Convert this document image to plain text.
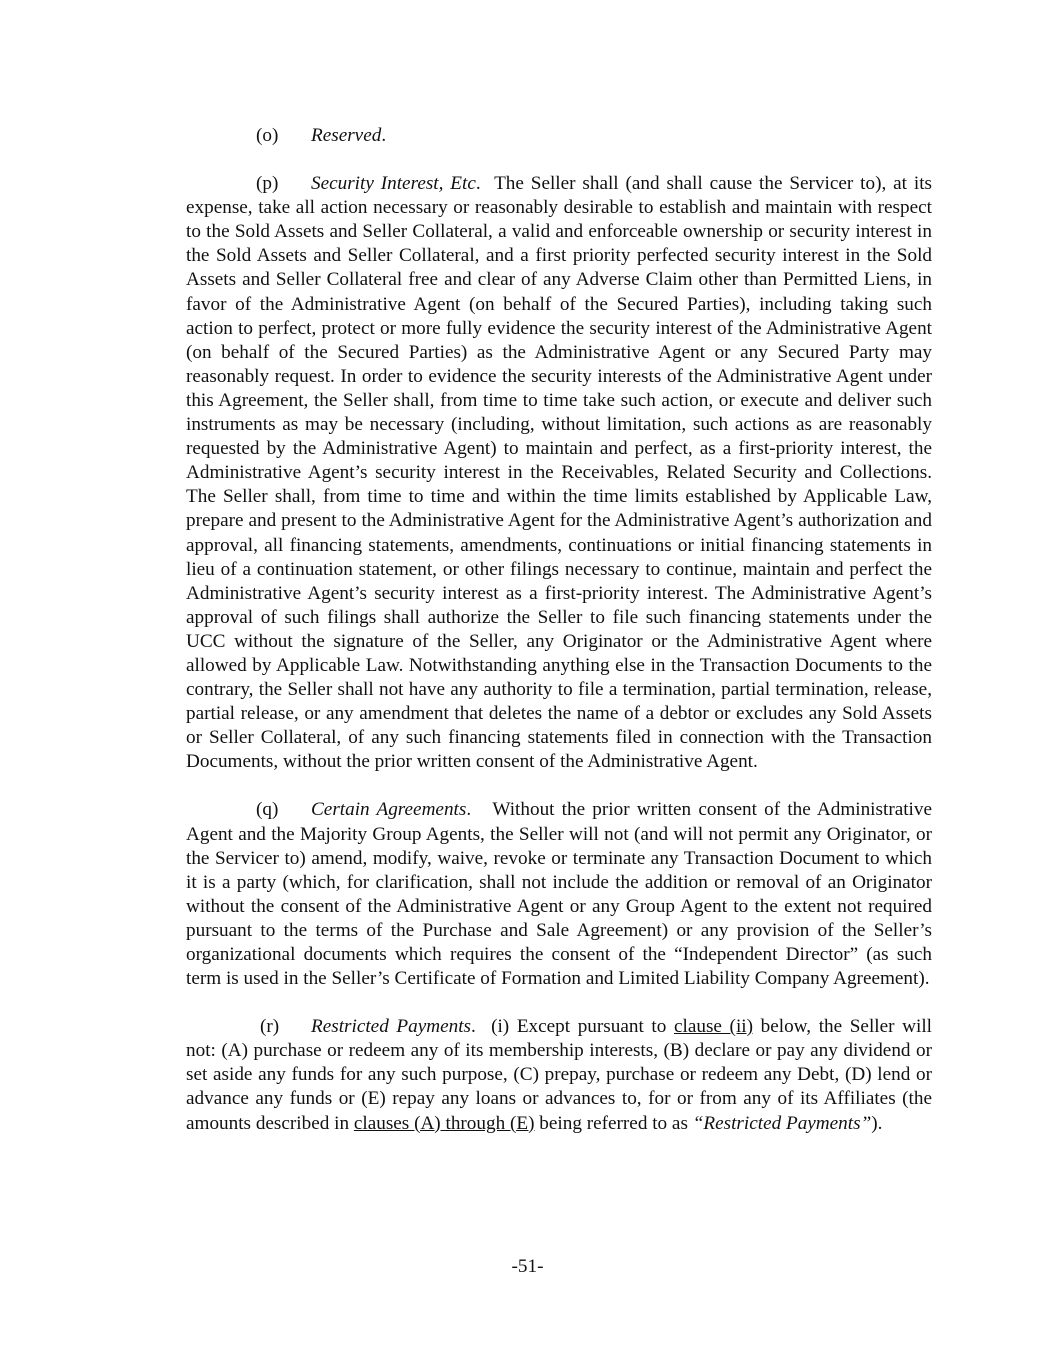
(o) Reserved.

(p) Security Interest, Etc. The Seller shall (and shall cause the Servicer to), at its expense, take all action necessary or reasonably desirable to establish and maintain with respect to the Sold Assets and Seller Collateral, a valid and enforceable ownership or security interest in the Sold Assets and Seller Collateral, and a first priority perfected security interest in the Sold Assets and Seller Collateral free and clear of any Adverse Claim other than Permitted Liens, in favor of the Administrative Agent (on behalf of the Secured Parties), including taking such action to perfect, protect or more fully evidence the security interest of the Administrative Agent (on behalf of the Secured Parties) as the Administrative Agent or any Secured Party may reasonably request. In order to evidence the security interests of the Administrative Agent under this Agreement, the Seller shall, from time to time take such action, or execute and deliver such instruments as may be necessary (including, without limitation, such actions as are reasonably requested by the Administrative Agent) to maintain and perfect, as a first-priority interest, the Administrative Agent’s security interest in the Receivables, Related Security and Collections. The Seller shall, from time to time and within the time limits established by Applicable Law, prepare and present to the Administrative Agent for the Administrative Agent’s authorization and approval, all financing statements, amendments, continuations or initial financing statements in lieu of a continuation statement, or other filings necessary to continue, maintain and perfect the Administrative Agent’s security interest as a first-priority interest. The Administrative Agent’s approval of such filings shall authorize the Seller to file such financing statements under the UCC without the signature of the Seller, any Originator or the Administrative Agent where allowed by Applicable Law. Notwithstanding anything else in the Transaction Documents to the contrary, the Seller shall not have any authority to file a termination, partial termination, release, partial release, or any amendment that deletes the name of a debtor or excludes any Sold Assets or Seller Collateral, of any such financing statements filed in connection with the Transaction Documents, without the prior written consent of the Administrative Agent.

(q) Certain Agreements. Without the prior written consent of the Administrative Agent and the Majority Group Agents, the Seller will not (and will not permit any Originator, or the Servicer to) amend, modify, waive, revoke or terminate any Transaction Document to which it is a party (which, for clarification, shall not include the addition or removal of an Originator without the consent of the Administrative Agent or any Group Agent to the extent not required pursuant to the terms of the Purchase and Sale Agreement) or any provision of the Seller’s organizational documents which requires the consent of the “Independent Director” (as such term is used in the Seller’s Certificate of Formation and Limited Liability Company Agreement).

(r) Restricted Payments. (i) Except pursuant to clause (ii) below, the Seller will not: (A) purchase or redeem any of its membership interests, (B) declare or pay any dividend or set aside any funds for any such purpose, (C) prepay, purchase or redeem any Debt, (D) lend or advance any funds or (E) repay any loans or advances to, for or from any of its Affiliates (the amounts described in clauses (A) through (E) being referred to as “Restricted Payments”).

-51-
